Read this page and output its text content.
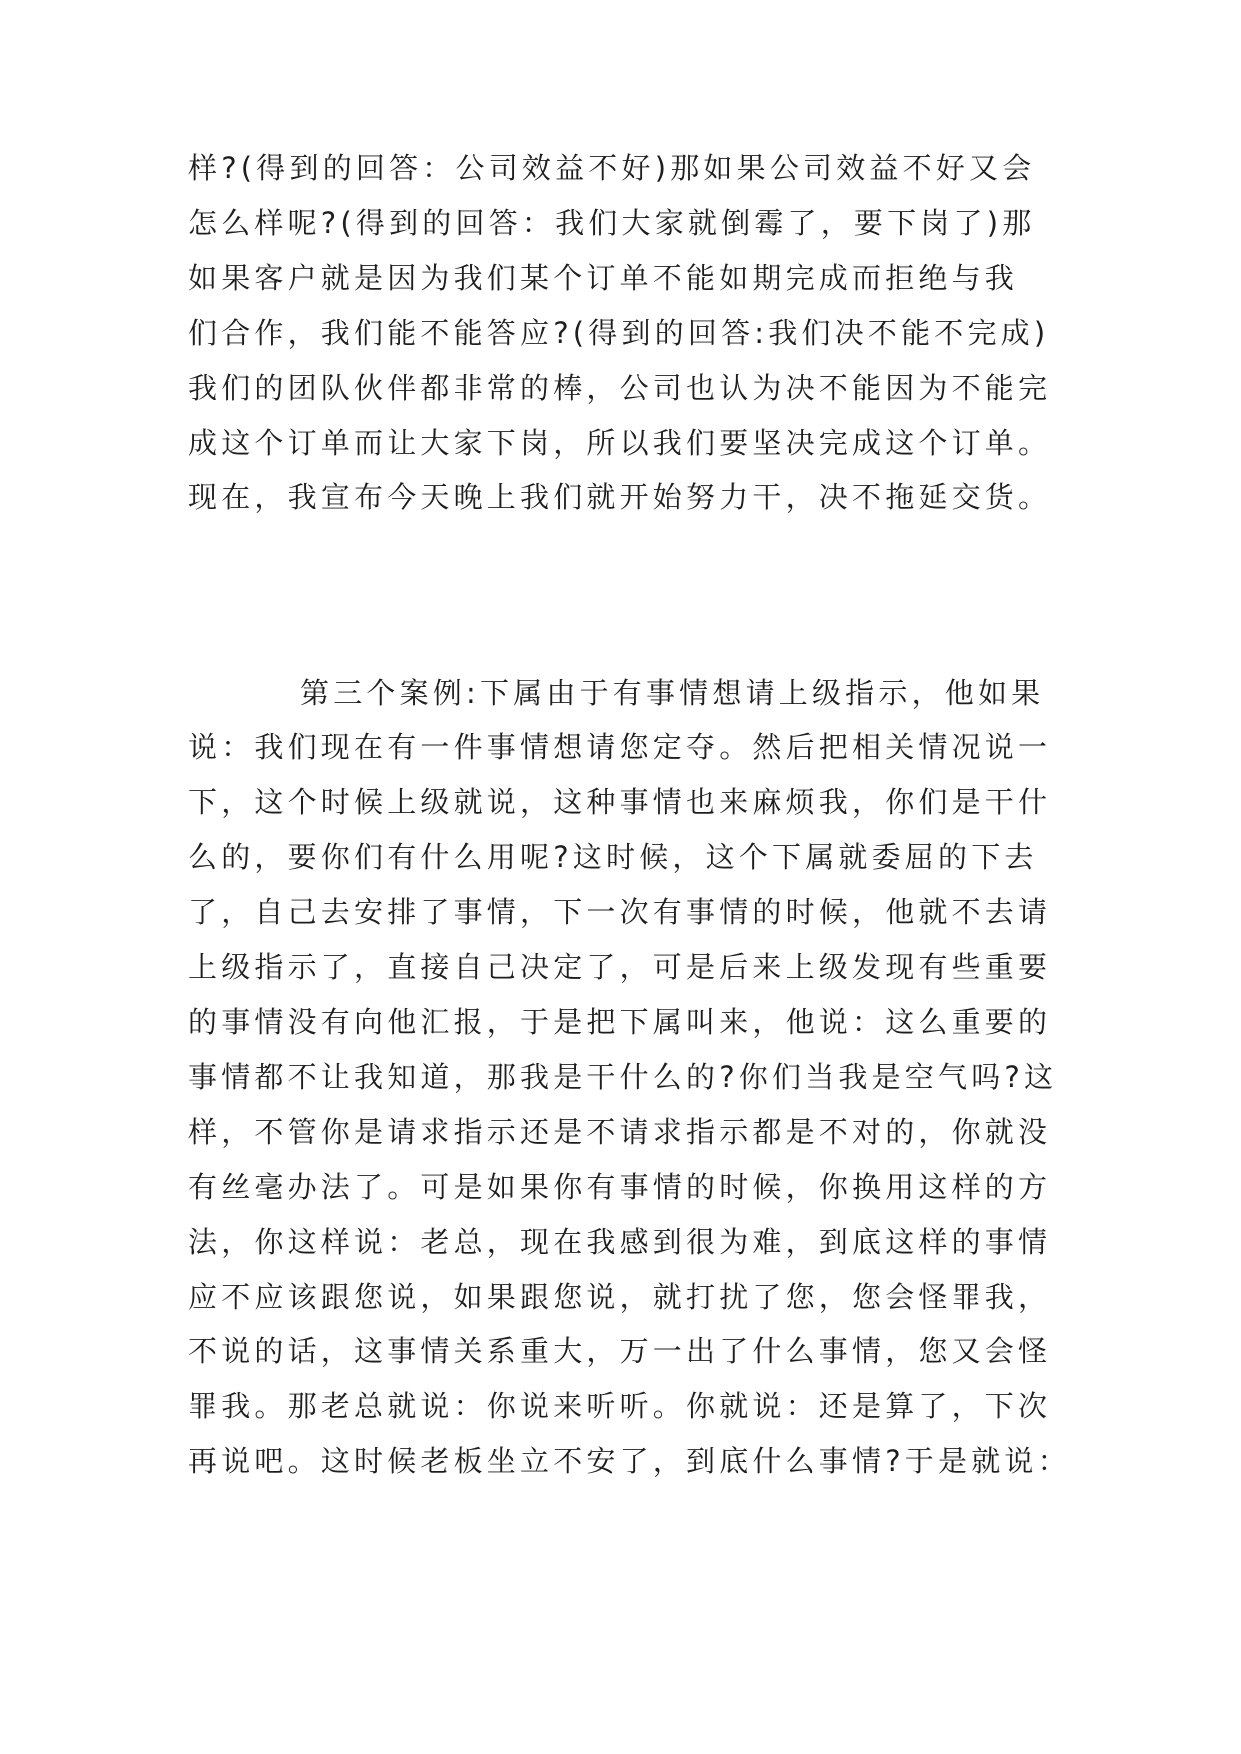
样?(得到的回答：公司效益不好)那如果公司效益不好又会
怎么样呢?(得到的回答：我们大家就倒霉了，要下岗了)那
如果客户就是因为我们某个订单不能如期完成而拒绝与我
们合作，我们能不能答应?(得到的回答:我们决不能不完成)
我们的团队伙伴都非常的棒，公司也认为决不能因为不能完
成这个订单而让大家下岗，所以我们要坚决完成这个订单。
现在，我宣布今天晚上我们就开始努力干，决不拖延交货。
第三个案例:下属由于有事情想请上级指示，他如果
说：我们现在有一件事情想请您定夺。然后把相关情况说一
下，这个时候上级就说，这种事情也来麻烦我，你们是干什
么的，要你们有什么用呢?这时候，这个下属就委屈的下去
了，自己去安排了事情，下一次有事情的时候，他就不去请
上级指示了，直接自己决定了，可是后来上级发现有些重要
的事情没有向他汇报，于是把下属叫来，他说：这么重要的
事情都不让我知道，那我是干什么的?你们当我是空气吗?这
样，不管你是请求指示还是不请求指示都是不对的，你就没
有丝毫办法了。可是如果你有事情的时候，你换用这样的方
法，你这样说：老总，现在我感到很为难，到底这样的事情
应不应该跟您说，如果跟您说，就打扰了您，您会怪罪我，
不说的话，这事情关系重大，万一出了什么事情，您又会怪
罪我。那老总就说：你说来听听。你就说：还是算了，下次
再说吧。这时候老板坐立不安了，到底什么事情?于是就说：
